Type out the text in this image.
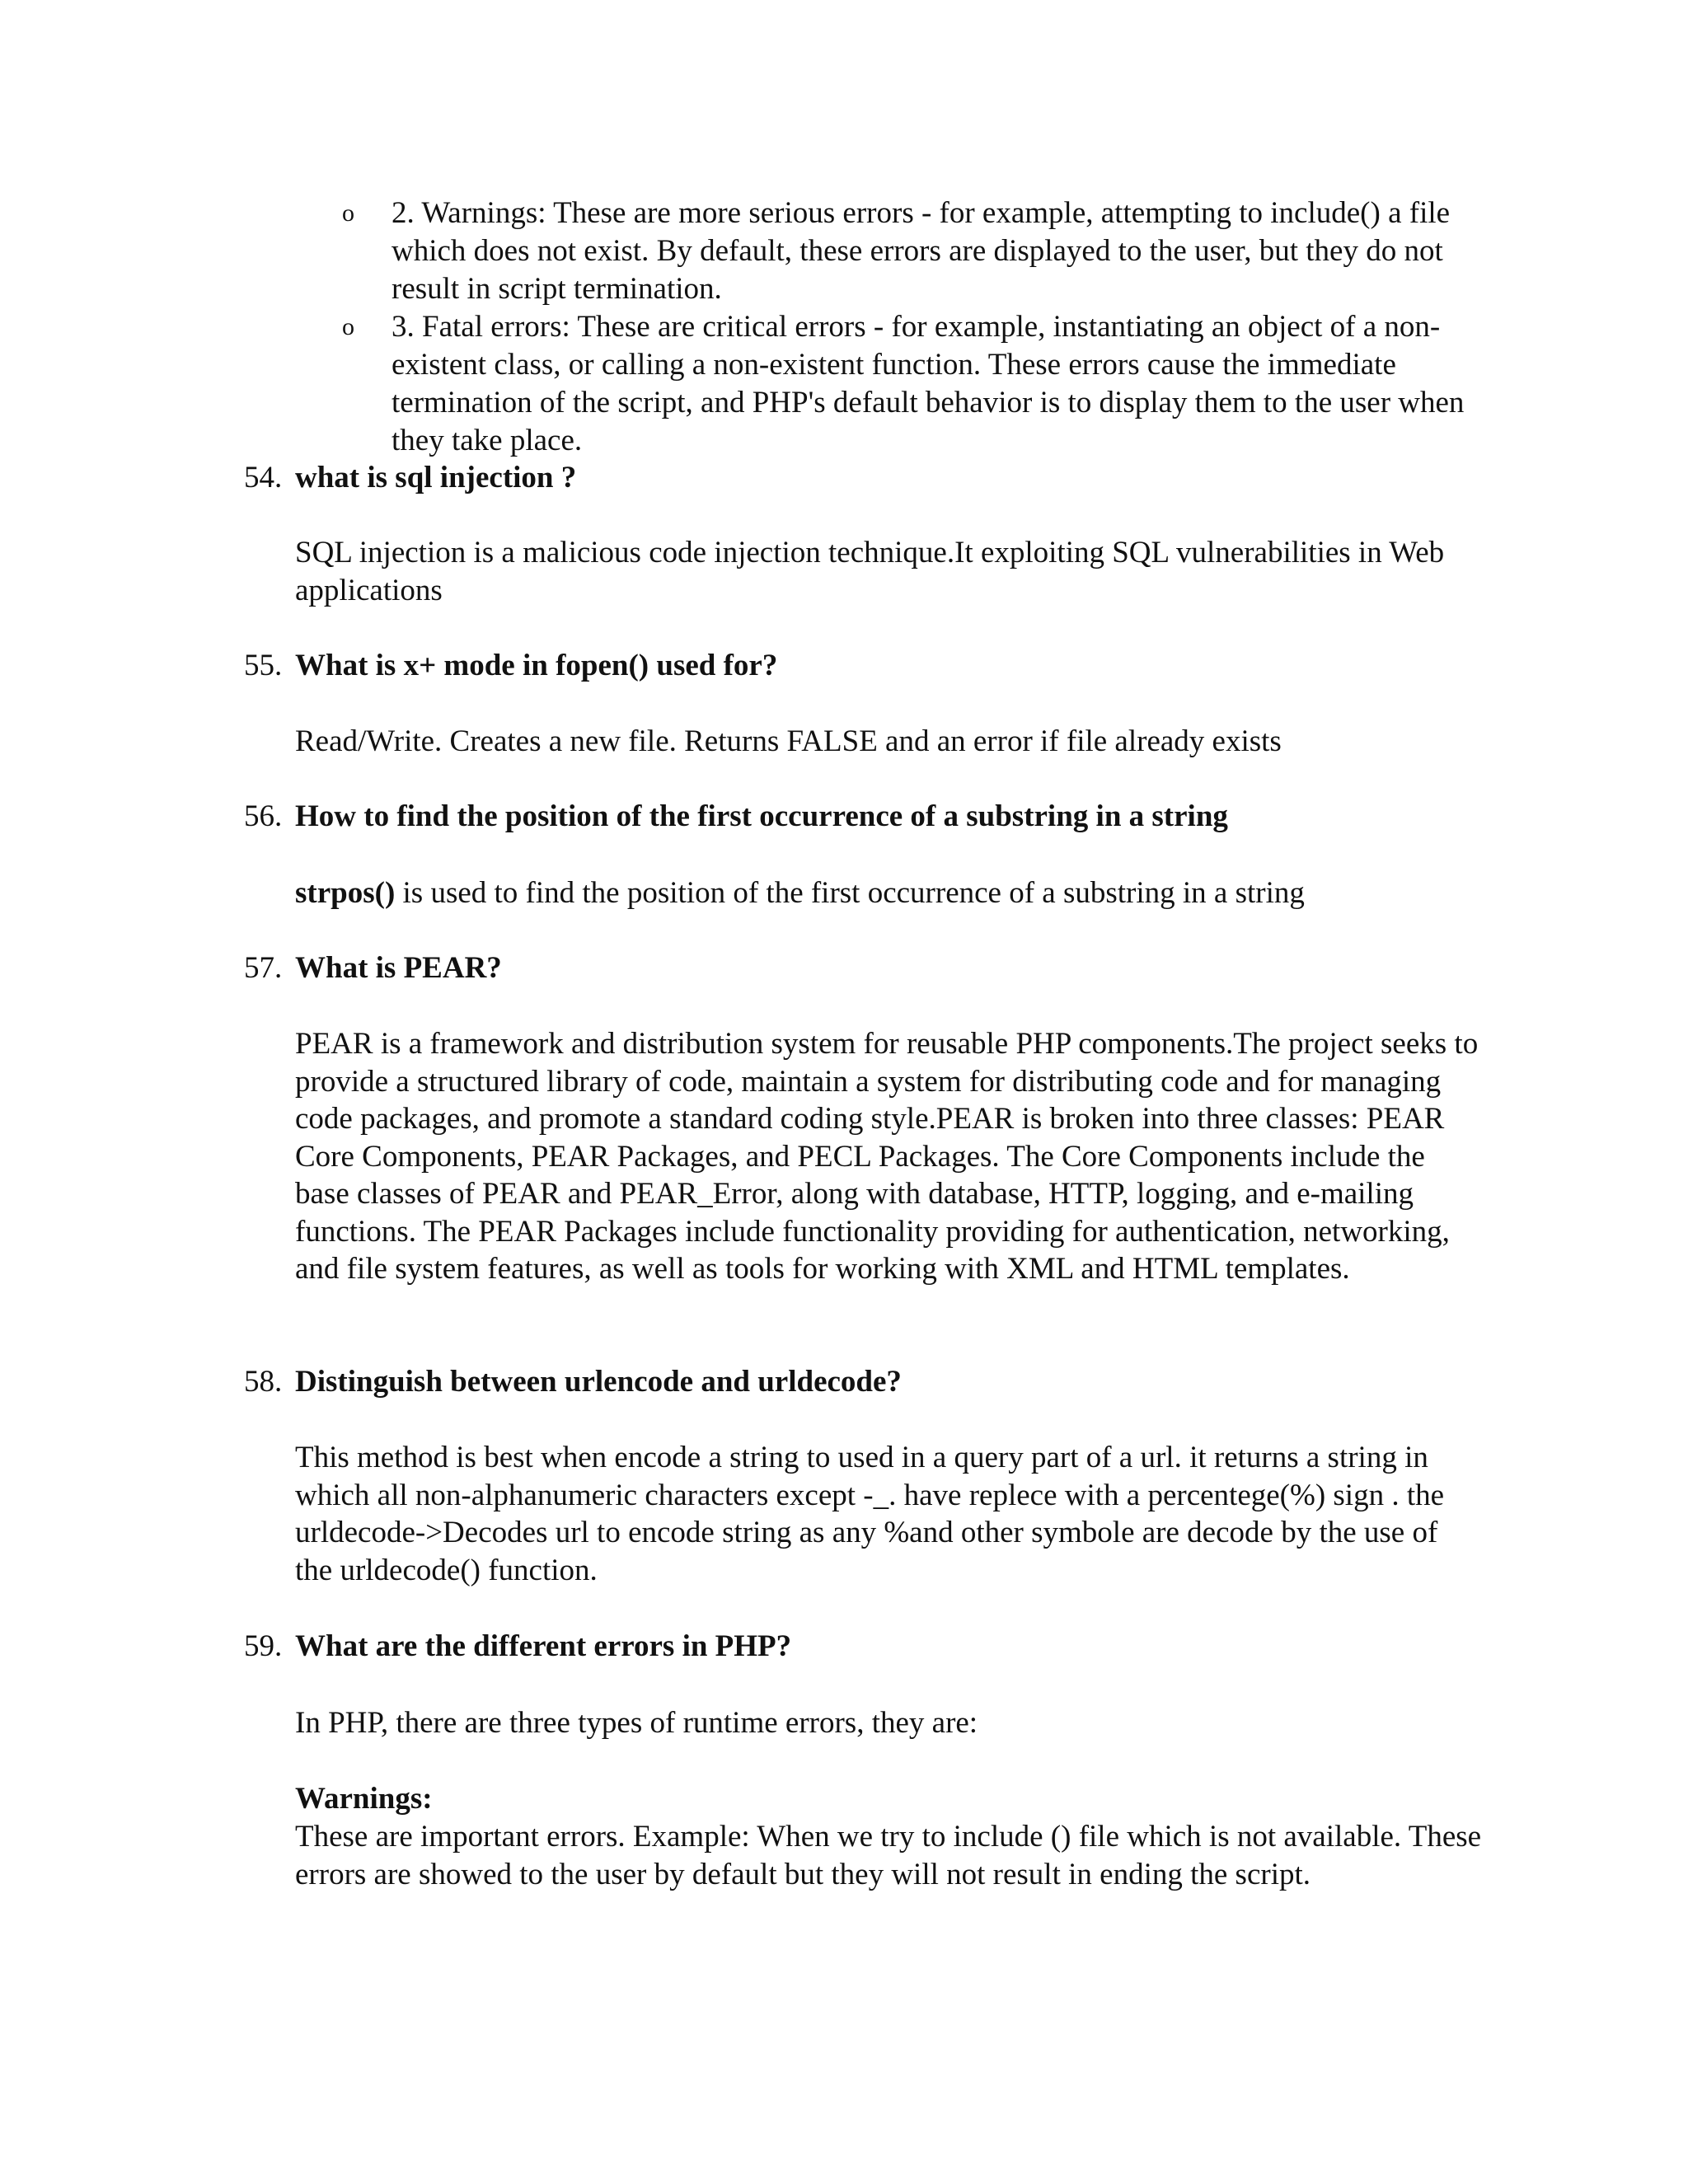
o 2. Warnings: These are more serious errors - for example, attempting to include() a file which does not exist. By default, these errors are displayed to the user, but they do not result in script termination.
o 3. Fatal errors: These are critical errors - for example, instantiating an object of a non-existent class, or calling a non-existent function. These errors cause the immediate termination of the script, and PHP's default behavior is to display them to the user when they take place.
54. what is sql injection ?
SQL injection is a malicious code injection technique.It exploiting SQL vulnerabilities in Web applications
55. What is x+ mode in fopen() used for?
Read/Write. Creates a new file. Returns FALSE and an error if file already exists
56. How to find the position of the first occurrence of a substring in a string
strpos() is used to find the position of the first occurrence of a substring in a string
57. What is PEAR?
PEAR is a framework and distribution system for reusable PHP components.The project seeks to provide a structured library of code, maintain a system for distributing code and for managing code packages, and promote a standard coding style.PEAR is broken into three classes: PEAR Core Components, PEAR Packages, and PECL Packages. The Core Components include the base classes of PEAR and PEAR_Error, along with database, HTTP, logging, and e-mailing functions. The PEAR Packages include functionality providing for authentication, networking, and file system features, as well as tools for working with XML and HTML templates.
58. Distinguish between urlencode and urldecode?
This method is best when encode a string to used in a query part of a url. it returns a string in which all non-alphanumeric characters except -_. have replece with a percentege(%) sign . the urldecode->Decodes url to encode string as any %and other symbole are decode by the use of the urldecode() function.
59. What are the different errors in PHP?
In PHP, there are three types of runtime errors, they are:
Warnings:
These are important errors. Example: When we try to include () file which is not available. These errors are showed to the user by default but they will not result in ending the script.
